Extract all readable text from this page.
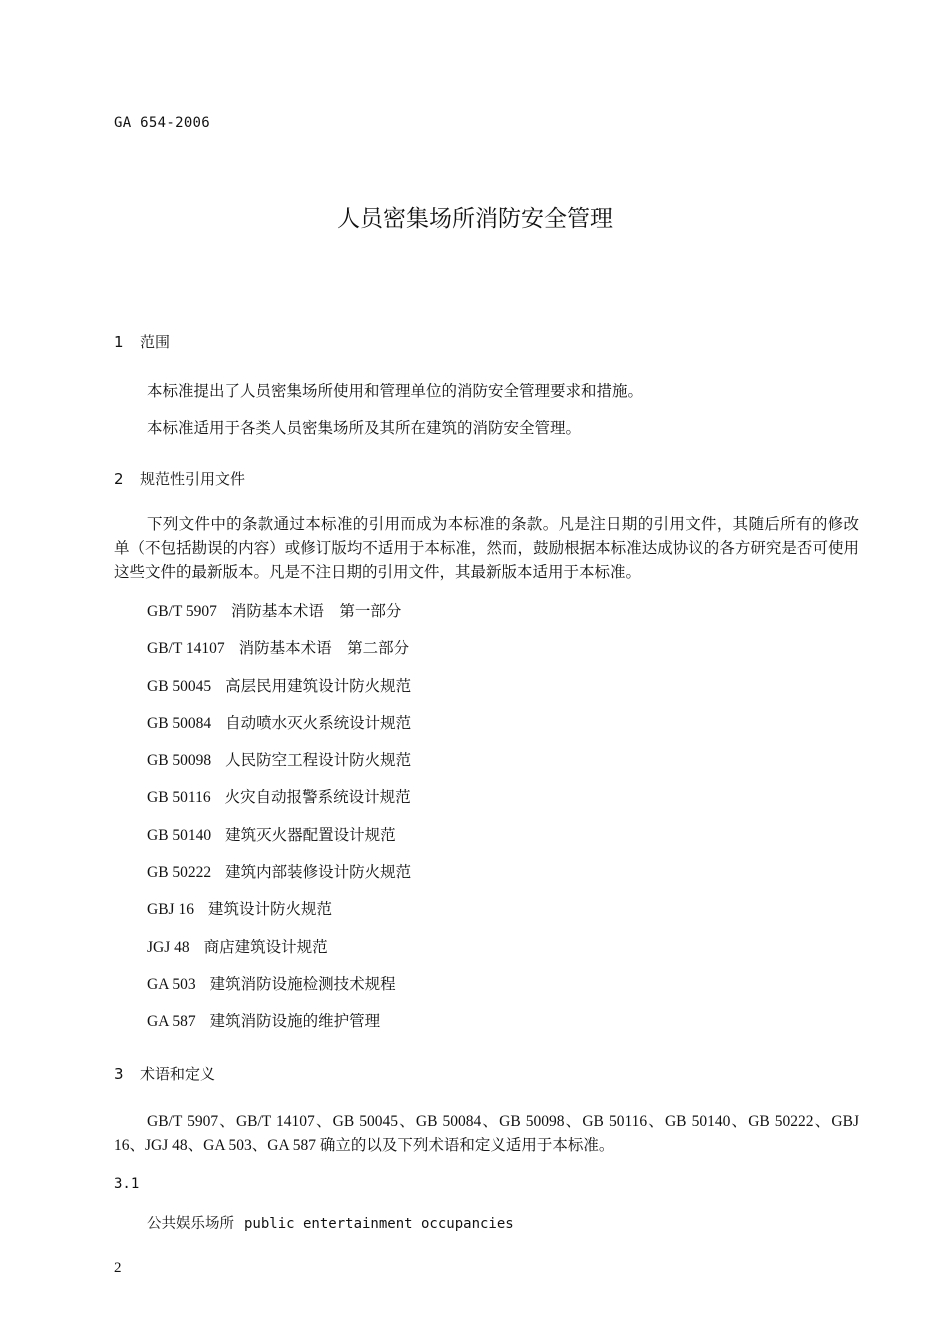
GA 654-2006
人员密集场所消防安全管理
1 范围
本标准提出了人员密集场所使用和管理单位的消防安全管理要求和措施。
本标准适用于各类人员密集场所及其所在建筑的消防安全管理。
2 规范性引用文件
下列文件中的条款通过本标准的引用而成为本标准的条款。凡是注日期的引用文件，其随后所有的修改单（不包括勘误的内容）或修订版均不适用于本标准，然而，鼓励根据本标准达成协议的各方研究是否可使用这些文件的最新版本。凡是不注日期的引用文件，其最新版本适用于本标准。
GB/T 5907 消防基本术语　第一部分
GB/T 14107 消防基本术语　第二部分
GB 50045 高层民用建筑设计防火规范
GB 50084 自动喷水灭火系统设计规范
GB 50098 人民防空工程设计防火规范
GB 50116 火灾自动报警系统设计规范
GB 50140 建筑灭火器配置设计规范
GB 50222 建筑内部装修设计防火规范
GBJ 16 建筑设计防火规范
JGJ 48 商店建筑设计规范
GA 503 建筑消防设施检测技术规程
GA 587 建筑消防设施的维护管理
3 术语和定义
GB/T 5907、GB/T 14107、GB 50045、GB 50084、GB 50098、GB 50116、GB 50140、GB 50222、GBJ 16、JGJ 48、GA 503、GA 587 确立的以及下列术语和定义适用于本标准。
3.1
公共娱乐场所 public entertainment occupancies
2
